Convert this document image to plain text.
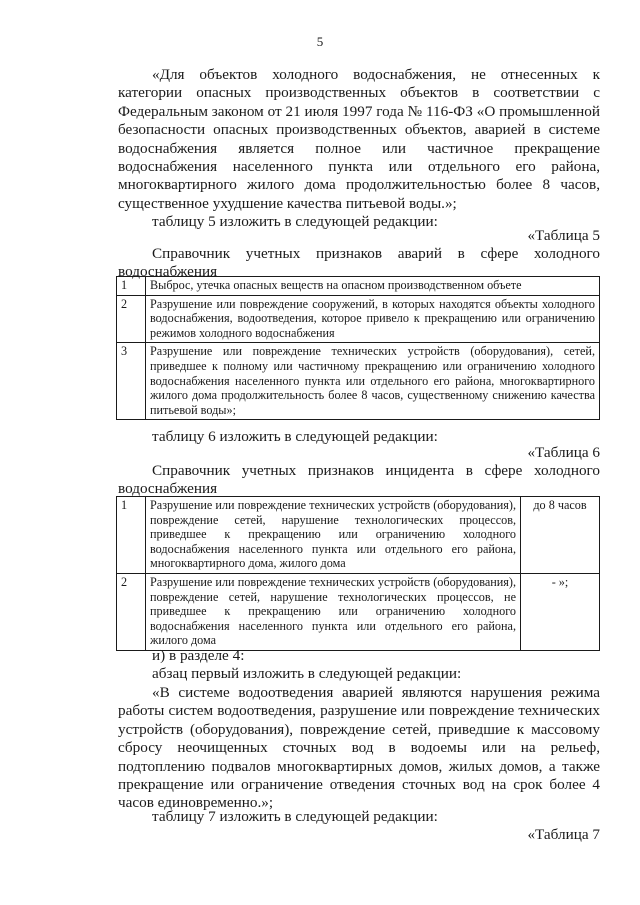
5

«Для объектов холодного водоснабжения, не отнесенных к категории опасных производственных объектов в соответствии с Федеральным законом от 21 июля 1997 года № 116-ФЗ «О промышленной безопасности опасных производственных объектов, аварией в системе водоснабжения является полное или частичное прекращение водоснабжения населенного пункта или отдельного его района, многоквартирного жилого дома продолжительностью более 8 часов, существенное ухудшение качества питьевой воды.»;

таблицу 5 изложить в следующей редакции:

«Таблица 5
Справочник учетных признаков аварий в сфере холодного водоснабжения
1	Выброс, утечка опасных веществ на опасном производственном объете
2	Разрушение или повреждение сооружений, в которых находятся объекты холодного водоснабжения, водоотведения, которое привело к прекращению или ограничению режимов холодного водоснабжения
3	Разрушение или повреждение технических устройств (оборудования), сетей, приведшее к полному или частичному прекращению или ограничению холодного водоснабжения населенного пункта или отдельного его района, многоквартирного жилого дома продолжительность более 8 часов, существенному снижению качества питьевой воды»;

таблицу 6 изложить в следующей редакции:

«Таблица 6
Справочник учетных признаков инцидента в сфере холодного водоснабжения
1	Разрушение или повреждение технических устройств (оборудования), повреждение сетей, нарушение технологических процессов, приведшее к прекращению или ограничению холодного водоснабжения населенного пункта или отдельного его района, многоквартирного дома, жилого дома	до 8 часов
2	Разрушение или повреждение технических устройств (оборудования), повреждение сетей, нарушение технологических процессов, не приведшее к прекращению или ограничению холодного водоснабжения населенного пункта или отдельного его района, жилого дома	- »;

и) в разделе 4:

абзац первый изложить в следующей редакции:

«В системе водоотведения аварией являются нарушения режима работы систем водоотведения, разрушение или повреждение технических устройств (оборудования), повреждение сетей, приведшие к массовому сбросу неочищенных сточных вод в водоемы или на рельеф, подтоплению подвалов многоквартирных домов, жилых домов, а также прекращение или ограничение отведения сточных вод на срок более 4 часов единовременно.»;

таблицу 7 изложить в следующей редакции:

«Таблица 7
